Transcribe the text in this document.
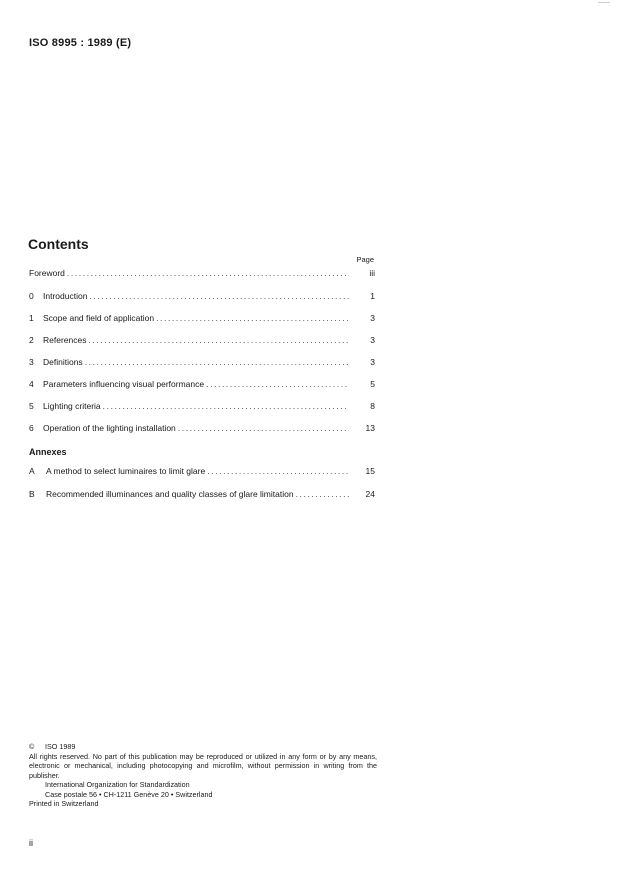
ISO 8995 : 1989 (E)
Contents
Page
Foreword .....	iii
0	Introduction .....	1
1	Scope and field of application .....	3
2	References .....	3
3	Definitions .....	3
4	Parameters influencing visual performance .....	5
5	Lighting criteria .....	8
6	Operation of the lighting installation .....	13
A	A method to select luminaires to limit glare .....	15
B	Recommended illuminances and quality classes of glare limitation .....	24
Annexes
© ISO 1989
All rights reserved. No part of this publication may be reproduced or utilized in any form or by any means, electronic or mechanical, including photocopying and microfilm, without permission in writing from the publisher.
International Organization for Standardization
Case postale 56 • CH-1211 Genève 20 • Switzerland
Printed in Switzerland
ii
